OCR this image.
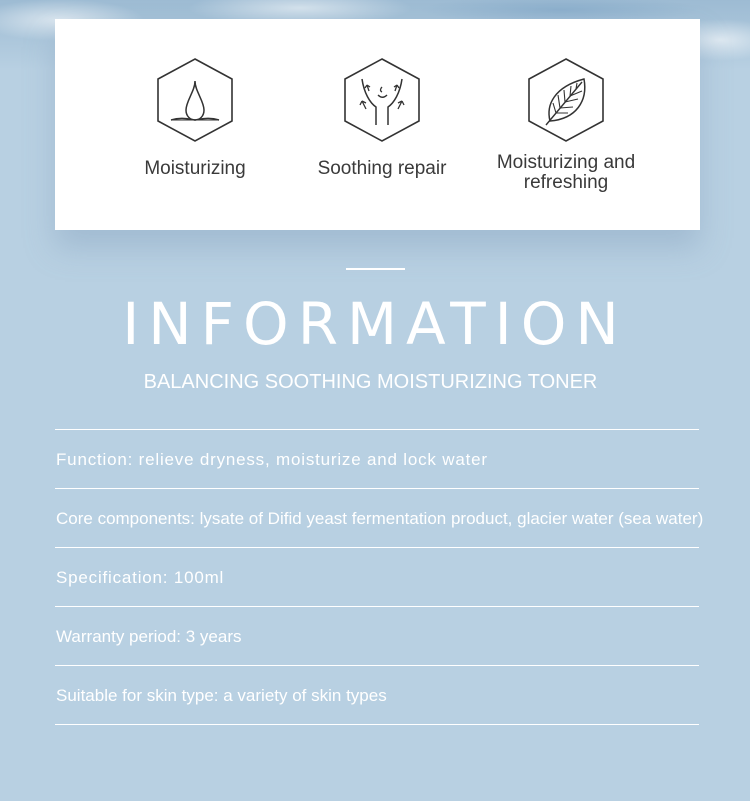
Moisturizing	Soothing repair	Moisturizing and refreshing
INFORMATION
BALANCING SOOTHING MOISTURIZING TONER
Function: relieve dryness, moisturize and lock water
Core components: lysate of Difid yeast fermentation product, glacier water (sea water)
Specification: 100ml
Warranty period: 3 years
Suitable for skin type: a variety of skin types
